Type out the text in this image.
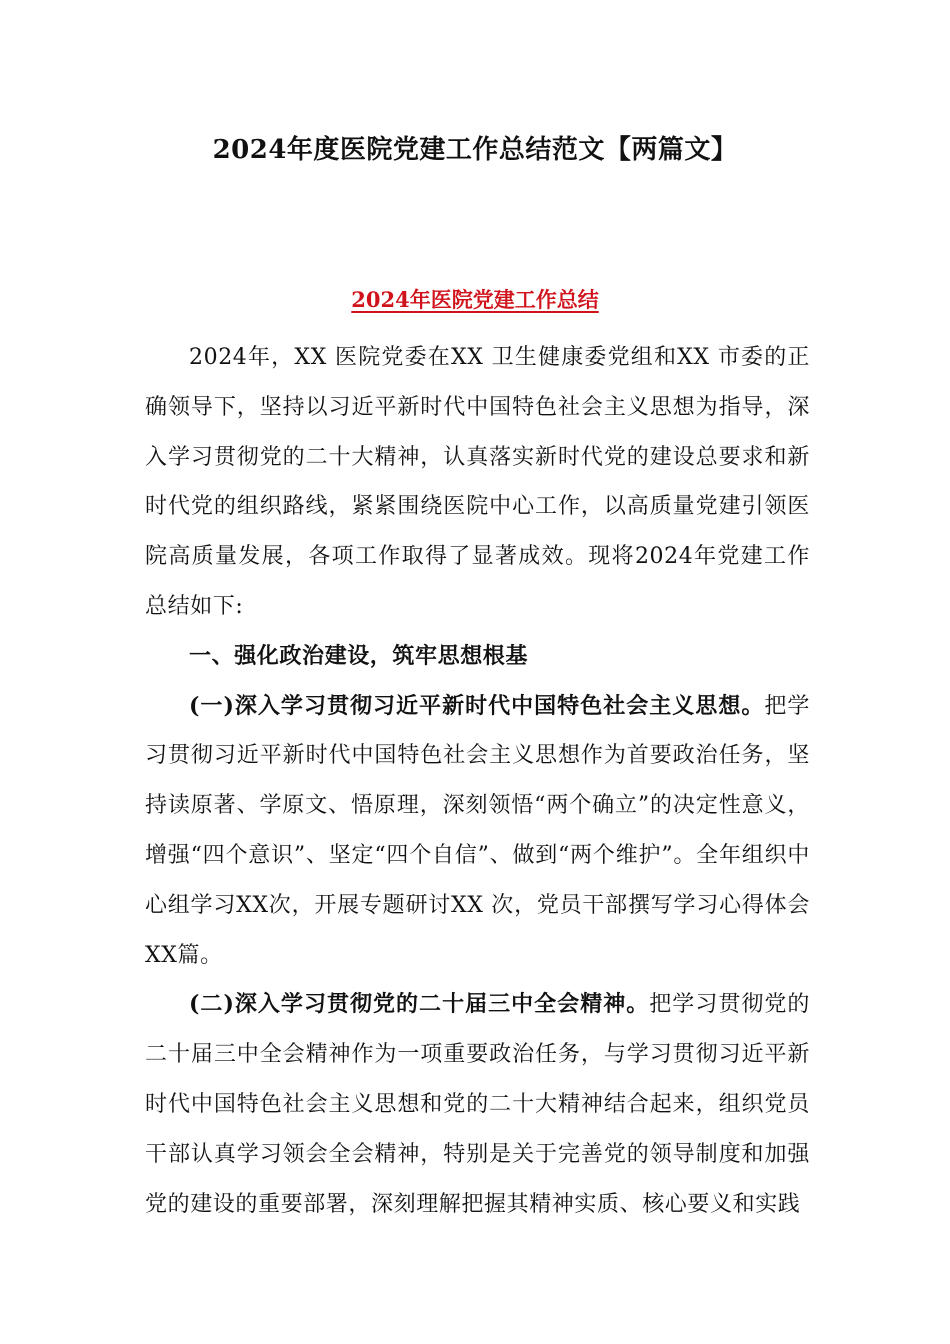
2024年度医院党建工作总结范文【两篇文】
2024年医院党建工作总结

2024年，XX 医院党委在XX 卫生健康委党组和XX 市委的正确领导下，坚持以习近平新时代中国特色社会主义思想为指导，深入学习贯彻党的二十大精神，认真落实新时代党的建设总要求和新时代党的组织路线，紧紧围绕医院中心工作，以高质量党建引领医院高质量发展，各项工作取得了显著成效。现将2024年党建工作总结如下:

一、强化政治建设，筑牢思想根基

(一)深入学习贯彻习近平新时代中国特色社会主义思想。把学习贯彻习近平新时代中国特色社会主义思想作为首要政治任务，坚持读原著、学原文、悟原理，深刻领悟“两个确立”的决定性意义，增强“四个意识”、坚定“四个自信”、做到“两个维护”。全年组织中心组学习XX次，开展专题研讨XX 次，党员干部撰写学习心得体会XX篇。

(二)深入学习贯彻党的二十届三中全会精神。把学习贯彻党的二十届三中全会精神作为一项重要政治任务，与学习贯彻习近平新时代中国特色社会主义思想和党的二十大精神结合起来，组织党员干部认真学习领会全会精神，特别是关于完善党的领导制度和加强党的建设的重要部署，深刻理解把握其精神实质、核心要义和实践
